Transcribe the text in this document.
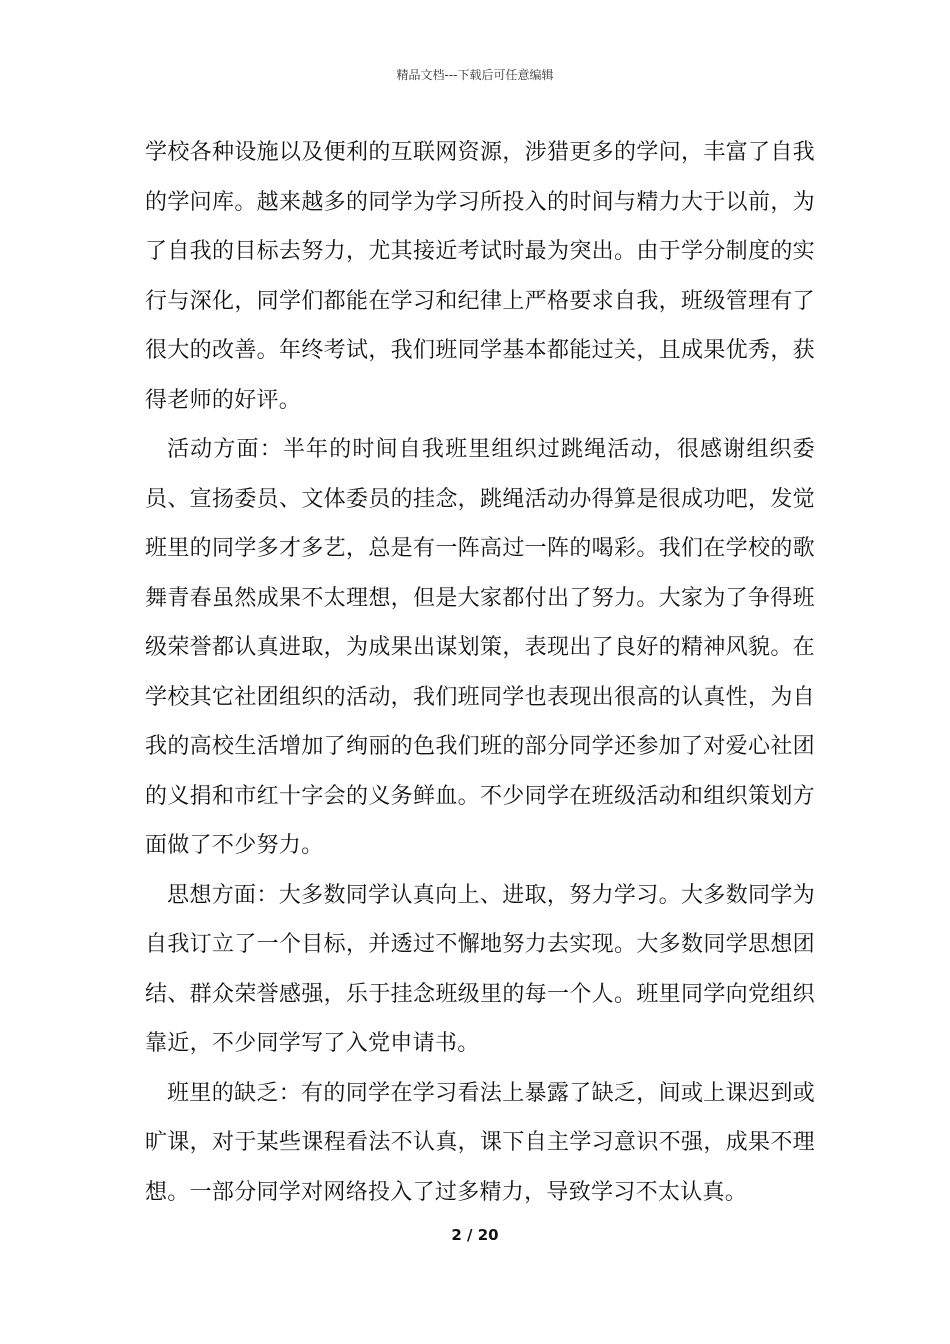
精品文档---下载后可任意编辑

学校各种设施以及便利的互联网资源，涉猎更多的学问，丰富了自我的学问库。越来越多的同学为学习所投入的时间与精力大于以前，为了自我的目标去努力，尤其接近考试时最为突出。由于学分制度的实行与深化，同学们都能在学习和纪律上严格要求自我，班级管理有了很大的改善。年终考试，我们班同学基本都能过关，且成果优秀，获得老师的好评。

活动方面：半年的时间自我班里组织过跳绳活动，很感谢组织委员、宣扬委员、文体委员的挂念，跳绳活动办得算是很成功吧，发觉班里的同学多才多艺，总是有一阵高过一阵的喝彩。我们在学校的歌舞青春虽然成果不太理想，但是大家都付出了努力。大家为了争得班级荣誉都认真进取，为成果出谋划策，表现出了良好的精神风貌。在学校其它社团组织的活动，我们班同学也表现出很高的认真性，为自我的高校生活增加了绚丽的色我们班的部分同学还参加了对爱心社团的义捐和市红十字会的义务鲜血。不少同学在班级活动和组织策划方面做了不少努力。

思想方面：大多数同学认真向上、进取，努力学习。大多数同学为自我订立了一个目标，并透过不懈地努力去实现。大多数同学思想团结、群众荣誉感强，乐于挂念班级里的每一个人。班里同学向党组织靠近，不少同学写了入党申请书。

班里的缺乏：有的同学在学习看法上暴露了缺乏，间或上课迟到或旷课，对于某些课程看法不认真，课下自主学习意识不强，成果不理想。一部分同学对网络投入了过多精力，导致学习不太认真。

2 / 20
